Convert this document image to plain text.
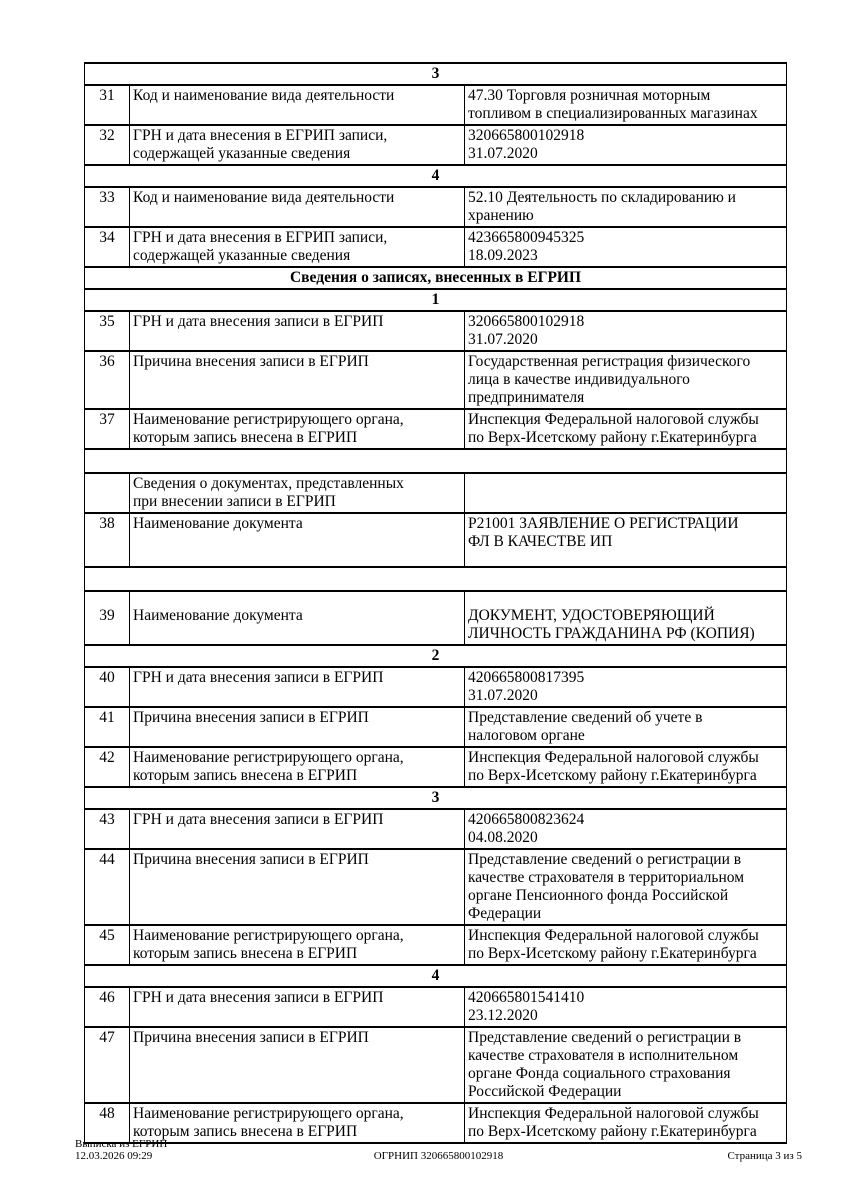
3		
31	Код и наименование вида деятельности	47.30 Торговля розничная моторным
топливом в специализированных магазинах
32	ГРН и дата внесения в ЕГРИП записи,
содержащей указанные сведения	320665800102918
31.07.2020
4		
33	Код и наименование вида деятельности	52.10 Деятельность по складированию и
хранению
34	ГРН и дата внесения в ЕГРИП записи,
содержащей указанные сведения	423665800945325
18.09.2023
Сведения о записях, внесенных в ЕГРИП		
1		
35	ГРН и дата внесения записи в ЕГРИП	320665800102918
31.07.2020
36	Причина внесения записи в ЕГРИП	Государственная регистрация физического
лица в качестве индивидуального
предпринимателя
37	Наименование регистрирующего органа,
которым запись внесена в ЕГРИП	Инспекция Федеральной налоговой службы
по Верх-Исетскому району г.Екатеринбурга

	Сведения о документах, представленных
при внесении записи в ЕГРИП	
38	Наименование документа	Р21001 ЗАЯВЛЕНИЕ О РЕГИСТРАЦИИ
ФЛ В КАЧЕСТВЕ ИП

39	Наименование документа	ДОКУМЕНТ, УДОСТОВЕРЯЮЩИЙ
ЛИЧНОСТЬ ГРАЖДАНИНА РФ (КОПИЯ)
2		
40	ГРН и дата внесения записи в ЕГРИП	420665800817395
31.07.2020
41	Причина внесения записи в ЕГРИП	Представление сведений об учете в
налоговом органе
42	Наименование регистрирующего органа,
которым запись внесена в ЕГРИП	Инспекция Федеральной налоговой службы
по Верх-Исетскому району г.Екатеринбурга
3		
43	ГРН и дата внесения записи в ЕГРИП	420665800823624
04.08.2020
44	Причина внесения записи в ЕГРИП	Представление сведений о регистрации в
качестве страхователя в территориальном
органе Пенсионного фонда Российской
Федерации
45	Наименование регистрирующего органа,
которым запись внесена в ЕГРИП	Инспекция Федеральной налоговой службы
по Верх-Исетскому району г.Екатеринбурга
4		
46	ГРН и дата внесения записи в ЕГРИП	420665801541410
23.12.2020
47	Причина внесения записи в ЕГРИП	Представление сведений о регистрации в
качестве страхователя в исполнительном
органе Фонда социального страхования
Российской Федерации
48	Наименование регистрирующего органа,
которым запись внесена в ЕГРИП	Инспекция Федеральной налоговой службы
по Верх-Исетскому району г.Екатеринбурга
Выписка из ЕГРИП
12.03.2026 09:29	ОГРНИП 320665800102918	Страница 3 из 5
